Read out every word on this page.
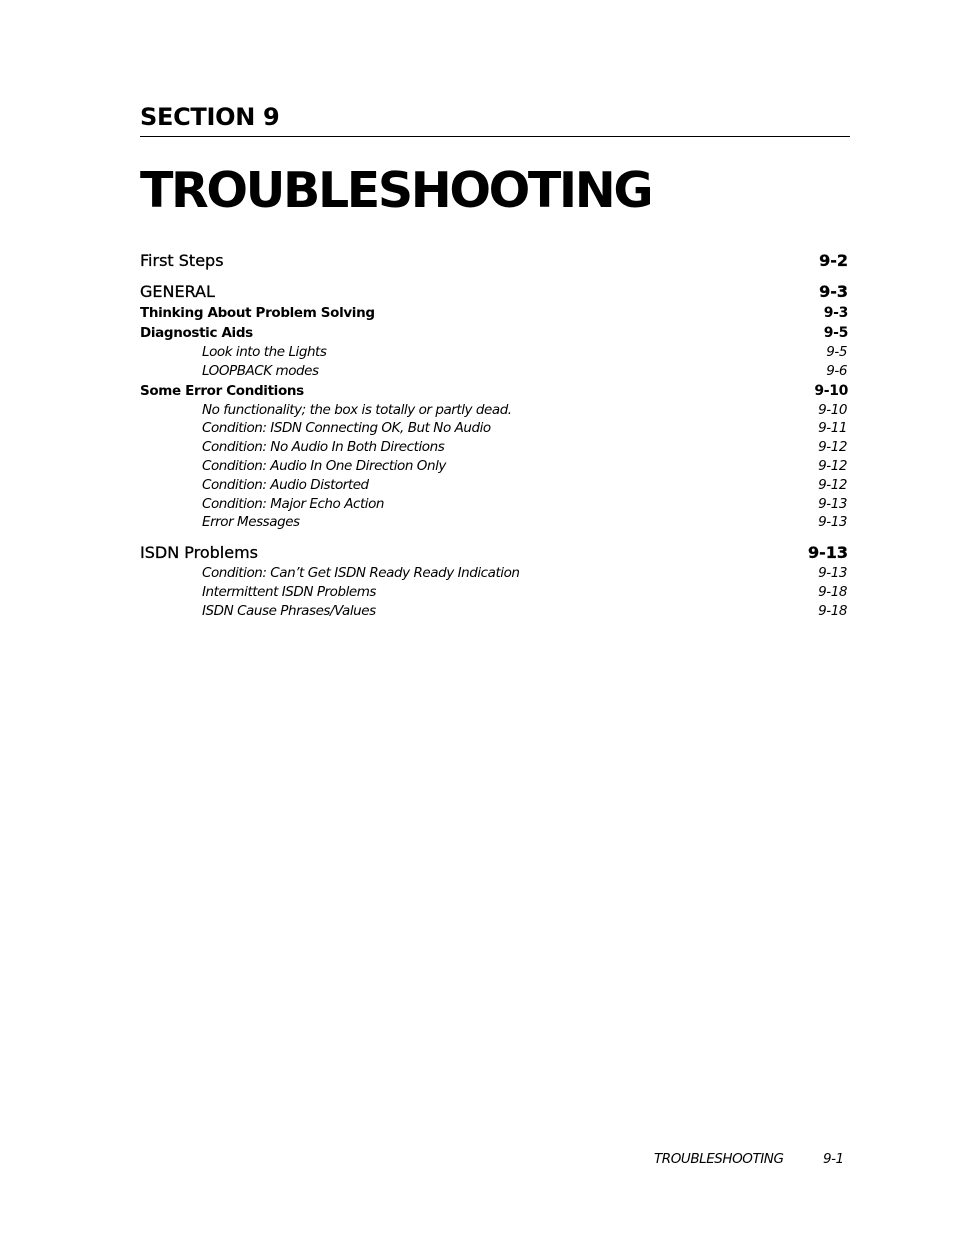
SECTION 9
TROUBLESHOOTING
First Steps	9-2
GENERAL	9-3
Thinking About Problem Solving	9-3
Diagnostic Aids	9-5
Look into the Lights	9-5
LOOPBACK modes	9-6
Some Error Conditions	9-10
No functionality; the box is totally or partly dead.	9-10
Condition: ISDN Connecting OK, But No Audio	9-11
Condition: No Audio In Both Directions	9-12
Condition: Audio In One Direction Only	9-12
Condition: Audio Distorted	9-12
Condition: Major Echo Action	9-13
Error Messages	9-13
ISDN Problems	9-13
Condition: Can’t Get ISDN Ready Ready Indication	9-13
Intermittent ISDN Problems	9-18
ISDN Cause Phrases/Values	9-18
TROUBLESHOOTING	9-1
